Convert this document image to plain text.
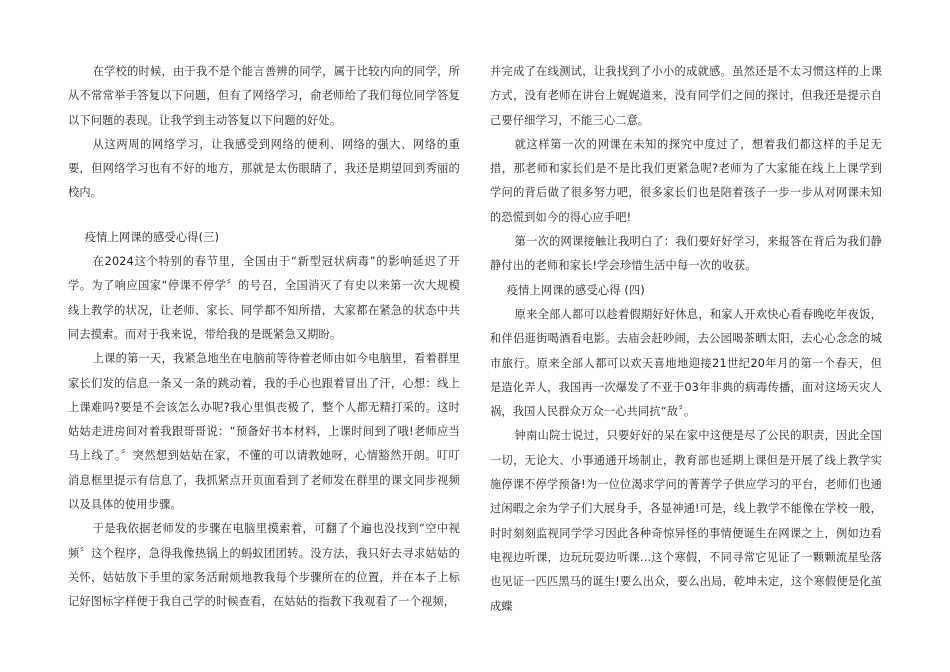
在学校的时候，由于我不是个能言善辨的同学，属于比较内向的同学，所从不常常举手答复以下问题，但有了网络学习，俞老师给了我们每位同学答复以下问题的表现。让我学到主动答复以下问题的好处。

从这两周的网络学习，让我感受到网络的便利、网络的强大、网络的重要，但网络学习也有不好的地方，那就是太伤眼睛了，我还是期望回到秀丽的校内。

疫情上网课的感受心得(三)

在2024这个特别的春节里，全国由于“新型冠状病毒”的影响延迟了开学。为了响应国家“停课不停学〞的号召，全国消灭了有史以来第一次大规模线上教学的状况，让老师、家长、同学都不知所措，大家都在紧急的状态中共同去摸索。而对于我来说，带给我的是既紧急又期盼。

上课的第一天，我紧急地坐在电脑前等待着老师由如今电脑里，看着群里家长们发的信息一条又一条的跳动着，我的手心也跟着冒出了汗，心想：线上上课难吗?要是不会该怎么办呢?我心里惧丧极了，整个人都无精打采的。这时姑姑走进房间对着我跟哥哥说：“预备好书本材料，上课时间到了哦!老师应当马上线了。〞突然想到姑姑在家，不懂的可以请教她呀，心情豁然开朗。叮叮消息框里提示有信息了，我抓紧点开页面看到了老师发在群里的课文同步视频以及具体的使用步骤。

于是我依据老师发的步骤在电脑里摸索着，可翻了个遍也没找到“空中视频〞这个程序，急得我像热锅上的蚂蚁团团转。没方法，我只好去寻求姑姑的关怀，姑姑放下手里的家务活耐烦地教我每个步骤所在的位置，并在本子上标记好图标字样便于我自己学的时候查看，在姑姑的指教下我观看了一个视频，

并完成了在线测试，让我找到了小小的成就感。虽然还是不太习惯这样的上课方式，没有老师在讲台上娓娓道来，没有同学们之间的探讨，但我还是提示自己要仔细学习，不能三心二意。

就这样第一次的网课在未知的探究中度过了，想着我们都这样的手足无措，那老师和家长们是不是比我们更紧急呢?老师为了大家能在线上上课学到学问的背后做了很多努力吧，很多家长们也是陪着孩子一步一步从对网课未知的恐慌到如今的得心应手吧!

第一次的网课接触让我明白了：我们要好好学习，来报答在背后为我们静静付出的老师和家长!学会珍惜生活中每一次的收获。

疫情上网课的感受心得 (四)

原来全部人都可以趁着假期好好休息，和家人开欢快心看春晚吃年夜饭，和伴侣逛街喝酒看电影。去庙会赶吵闹，去公园喝茶晒太阳，去心心念念的城市旅行。原来全部人都可以欢天喜地地迎接21世纪20年月的第一个春天，但是造化弄人，我国再一次爆发了不亚于03年非典的病毒传播，面对这场天灾人祸，我国人民群众万众一心共同抗“敌〞。

钟南山院士说过，只要好好的呆在家中这便是尽了公民的职责，因此全国一切，无论大、小事通通开场制止，教育部也延期上课但是开展了线上教学实施停课不停学预备!为一位位渴求学问的菁菁学子供应学习的平台，老师们也通过闲暇之余为学子们大展身手，各显神通!可是，线上教学不能像在学校一般，时时刻刻监视同学学习因此各种奇惊异怪的事情便诞生在网课之上，例如边看电视边听课，边玩玩耍边听课...这个寒假，不同寻常它见证了一颗颗流星坠落也见证一匹匹黑马的诞生!要么出众，要么出局，乾坤未定，这个寒假便是化茧成蝶
